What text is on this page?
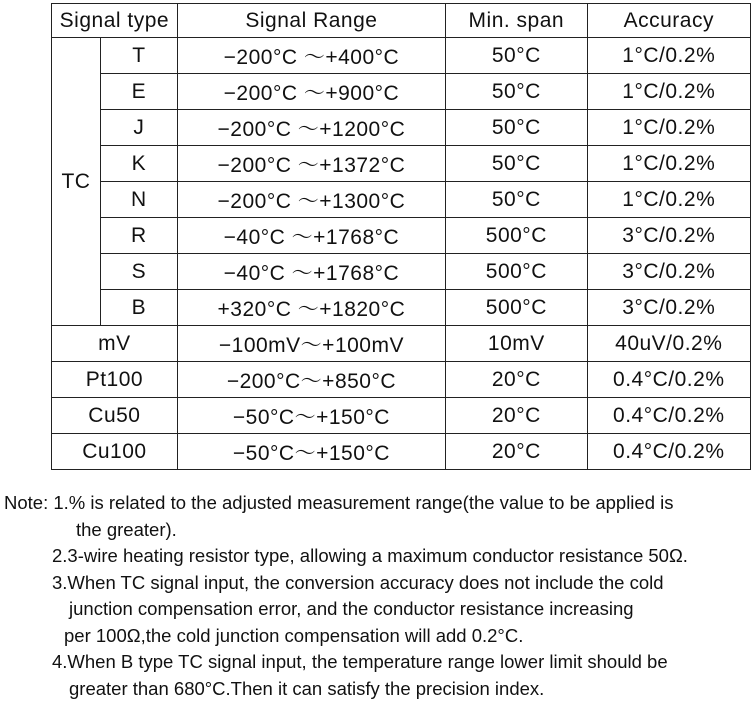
Signal type		Signal Range	Min. span	Accuracy
TC	T	−200°C ～+400°C	50°C	1°C/0.2%
	E	−200°C ～+900°C	50°C	1°C/0.2%
	J	−200°C ～+1200°C	50°C	1°C/0.2%
	K	−200°C ～+1372°C	50°C	1°C/0.2%
	N	−200°C ～+1300°C	50°C	1°C/0.2%
	R	−40°C ～+1768°C	500°C	3°C/0.2%
	S	−40°C ～+1768°C	500°C	3°C/0.2%
	B	+320°C ～+1820°C	500°C	3°C/0.2%
mV		−100mV～+100mV	10mV	40uV/0.2%
Pt100		−200°C～+850°C	20°C	0.4°C/0.2%
Cu50		−50°C～+150°C	20°C	0.4°C/0.2%
Cu100		−50°C～+150°C	20°C	0.4°C/0.2%

Note: 1.% is related to the adjusted measurement range(the value to be applied is

the greater).

2.3-wire heating resistor type, allowing a maximum conductor resistance 50Ω.

3.When TC signal input, the conversion accuracy does not include the cold

junction compensation error, and the conductor resistance increasing

per 100Ω,the cold junction compensation will add 0.2°C.

4.When B type TC signal input, the temperature range lower limit should be

greater than 680°C.Then it can satisfy the precision index.
